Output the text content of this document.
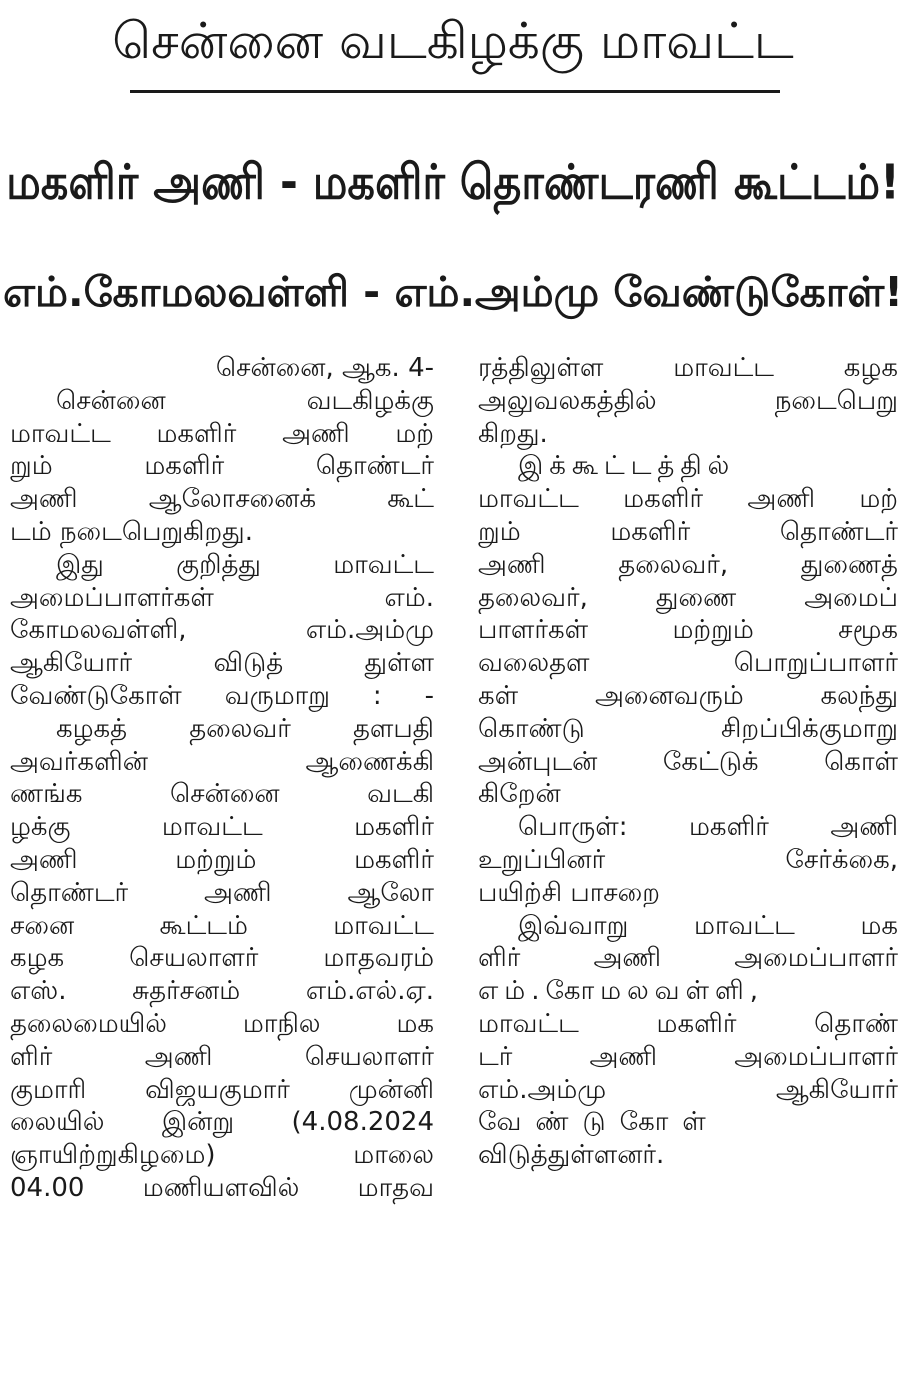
சென்னை வடகிழக்கு மாவட்ட
மகளிர் அணி - மகளிர் தொண்டரணி கூட்டம்!
எம்.கோமலவள்ளி - எம்.அம்மு வேண்டுகோள்!

சென்னை, ஆக. 4-

சென்னை வடகிழக்கு

மாவட்ட மகளிர் அணி மற்

றும் மகளிர் தொண்டர்

அணி ஆலோசனைக் கூட்

டம் நடைபெறுகிறது.

இது குறித்து மாவட்ட

அமைப்பாளர்கள் எம்.

கோமலவள்ளி, எம்.அம்மு

ஆகியோர் விடுத் துள்ள

வேண்டுகோள் வருமாறு : -

கழகத் தலைவர் தளபதி

அவர்களின் ஆணைக்கி

ணங்க சென்னை வடகி

ழக்கு மாவட்ட மகளிர்

அணி மற்றும் மகளிர்

தொண்டர் அணி ஆலோ

சனை கூட்டம் மாவட்ட

கழக செயலாளர் மாதவரம்

எஸ். சுதர்சனம் எம்.எல்.ஏ.

தலைமையில் மாநில மக

ளிர் அணி செயலாளர்

குமாரி விஜயகுமார் முன்னி

லையில் இன்று (4.08.2024

ஞாயிற்றுகிழமை) மாலை

04.00 மணியளவில் மாதவ

ரத்திலுள்ள மாவட்ட கழக

அலுவலகத்தில் நடைபெறு

கிறது.

இக்கூட்டத்தில்

மாவட்ட மகளிர் அணி மற்

றும் மகளிர் தொண்டர்

அணி தலைவர், துணைத்

தலைவர், துணை அமைப்

பாளர்கள் மற்றும் சமூக

வலைதள பொறுப்பாளர்

கள் அனைவரும் கலந்து

கொண்டு சிறப்பிக்குமாறு

அன்புடன் கேட்டுக் கொள்

கிறேன்

பொருள்: மகளிர் அணி

உறுப்பினர் சேர்க்கை,

பயிற்சி பாசறை

இவ்வாறு மாவட்ட மக

ளிர் அணி அமைப்பாளர்

எம்.கோமலவள்ளி,

மாவட்ட மகளிர் தொண்

டர் அணி அமைப்பாளர்

எம்.அம்மு ஆகியோர்

வேண்டுகோள்

விடுத்துள்ளனர்.
